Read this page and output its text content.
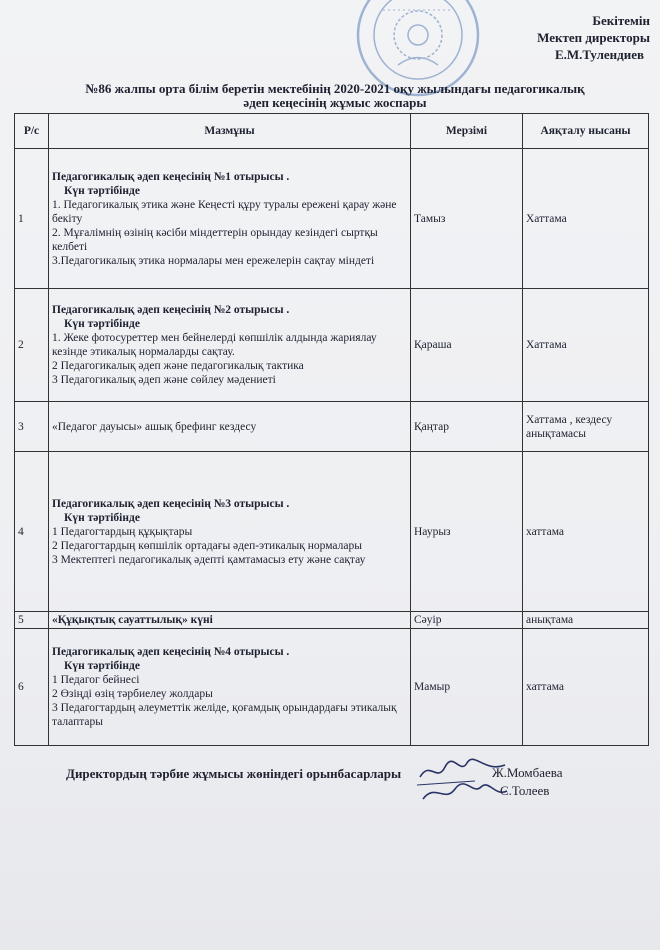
Бекітемін
Мектеп директоры
Е.М.Тулендиев
№86 жалпы орта білім беретін мектебінің 2020-2021 оқу жылындағы педагогикалық
әдеп кеңесінің жұмыс жоспары
Р/с	Мазмұны	Мерзімі	Аяқталу нысаны
1	Педагогикалық әдеп кеңесінің №1 отырысы .
Күн тәртібінде
1. Педагогикалық этика және Кеңесті құру туралы ережені қарау және бекіту
2. Мұғалімнің өзінің кәсіби міндеттерін орындау кезіндегі сыртқы келбеті
3.Педагогикалық этика нормалары мен ережелерін сақтау міндеті	Тамыз	Хаттама
2	Педагогикалық әдеп кеңесінің №2 отырысы .
Күн тәртібінде
1. Жеке фотосуреттер мен бейнелерді көпшілік алдында жариялау кезінде этикалық нормаларды сақтау.
2 Педагогикалық әдеп және педагогикалық тактика
3 Педагогикалық әдеп және сөйлеу мәдениеті	Қараша	Хаттама
3	«Педагог дауысы» ашық брефинг кездесу	Қаңтар	Хаттама , кездесу анықтамасы
4	Педагогикалық әдеп кеңесінің №3 отырысы .
Күн тәртібінде
1 Педагогтардың құқықтары
2 Педагогтардың көпшілік ортадағы әдеп-этикалық нормалары
3 Мектептегі педагогикалық әдепті қамтамасыз ету және сақтау	Наурыз	хаттама
5	«Құқықтық сауаттылық» күні	Сәуір	анықтама
6	Педагогикалық әдеп кеңесінің №4 отырысы .
Күн тәртібінде
1 Педагог бейнесі
2 Өзіңді өзің тәрбиелеу жолдары
3 Педагогтардың әлеуметтік желіде, қоғамдық орындардағы этикалық талаптары	Мамыр	хаттама
Директордың тәрбие жұмысы жөніндегі орынбасарлары	Ж.Момбаева
С.Толеев
